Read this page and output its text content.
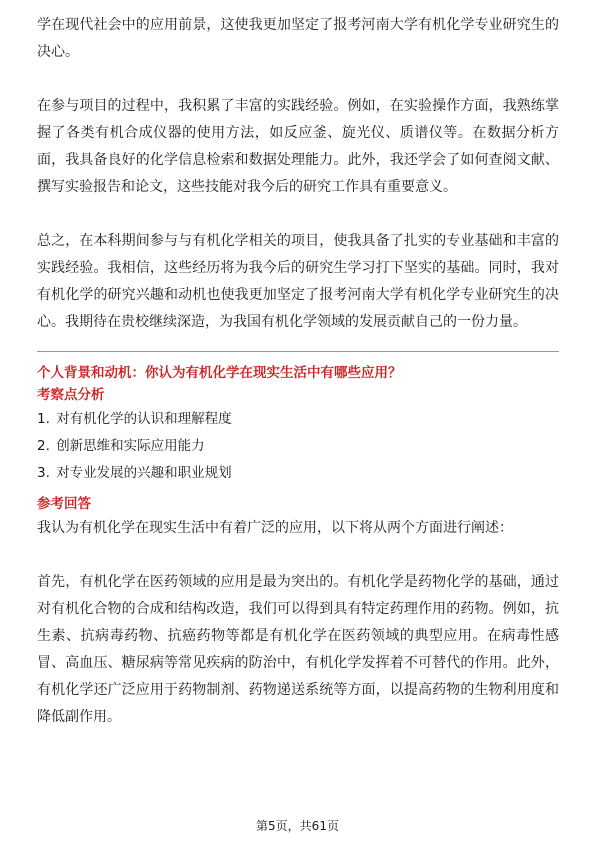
学在现代社会中的应用前景，这使我更加坚定了报考河南大学有机化学专业研究生的决心。

在参与项目的过程中，我积累了丰富的实践经验。例如，在实验操作方面，我熟练掌握了各类有机合成仪器的使用方法，如反应釜、旋光仪、质谱仪等。在数据分析方面，我具备良好的化学信息检索和数据处理能力。此外，我还学会了如何查阅文献、撰写实验报告和论文，这些技能对我今后的研究工作具有重要意义。

总之，在本科期间参与与有机化学相关的项目，使我具备了扎实的专业基础和丰富的实践经验。我相信，这些经历将为我今后的研究生学习打下坚实的基础。同时，我对有机化学的研究兴趣和动机也使我更加坚定了报考河南大学有机化学专业研究生的决心。我期待在贵校继续深造，为我国有机化学领域的发展贡献自己的一份力量。

个人背景和动机：你认为有机化学在现实生活中有哪些应用？

考察点分析

1. 对有机化学的认识和理解程度
2. 创新思维和实际应用能力
3. 对专业发展的兴趣和职业规划

参考回答

我认为有机化学在现实生活中有着广泛的应用，以下将从两个方面进行阐述：

首先，有机化学在医药领域的应用是最为突出的。有机化学是药物化学的基础，通过对有机化合物的合成和结构改造，我们可以得到具有特定药理作用的药物。例如，抗生素、抗病毒药物、抗癌药物等都是有机化学在医药领域的典型应用。在病毒性感冒、高血压、糖尿病等常见疾病的防治中，有机化学发挥着不可替代的作用。此外，有机化学还广泛应用于药物制剂、药物递送系统等方面，以提高药物的生物利用度和降低副作用。

第5页，共61页
